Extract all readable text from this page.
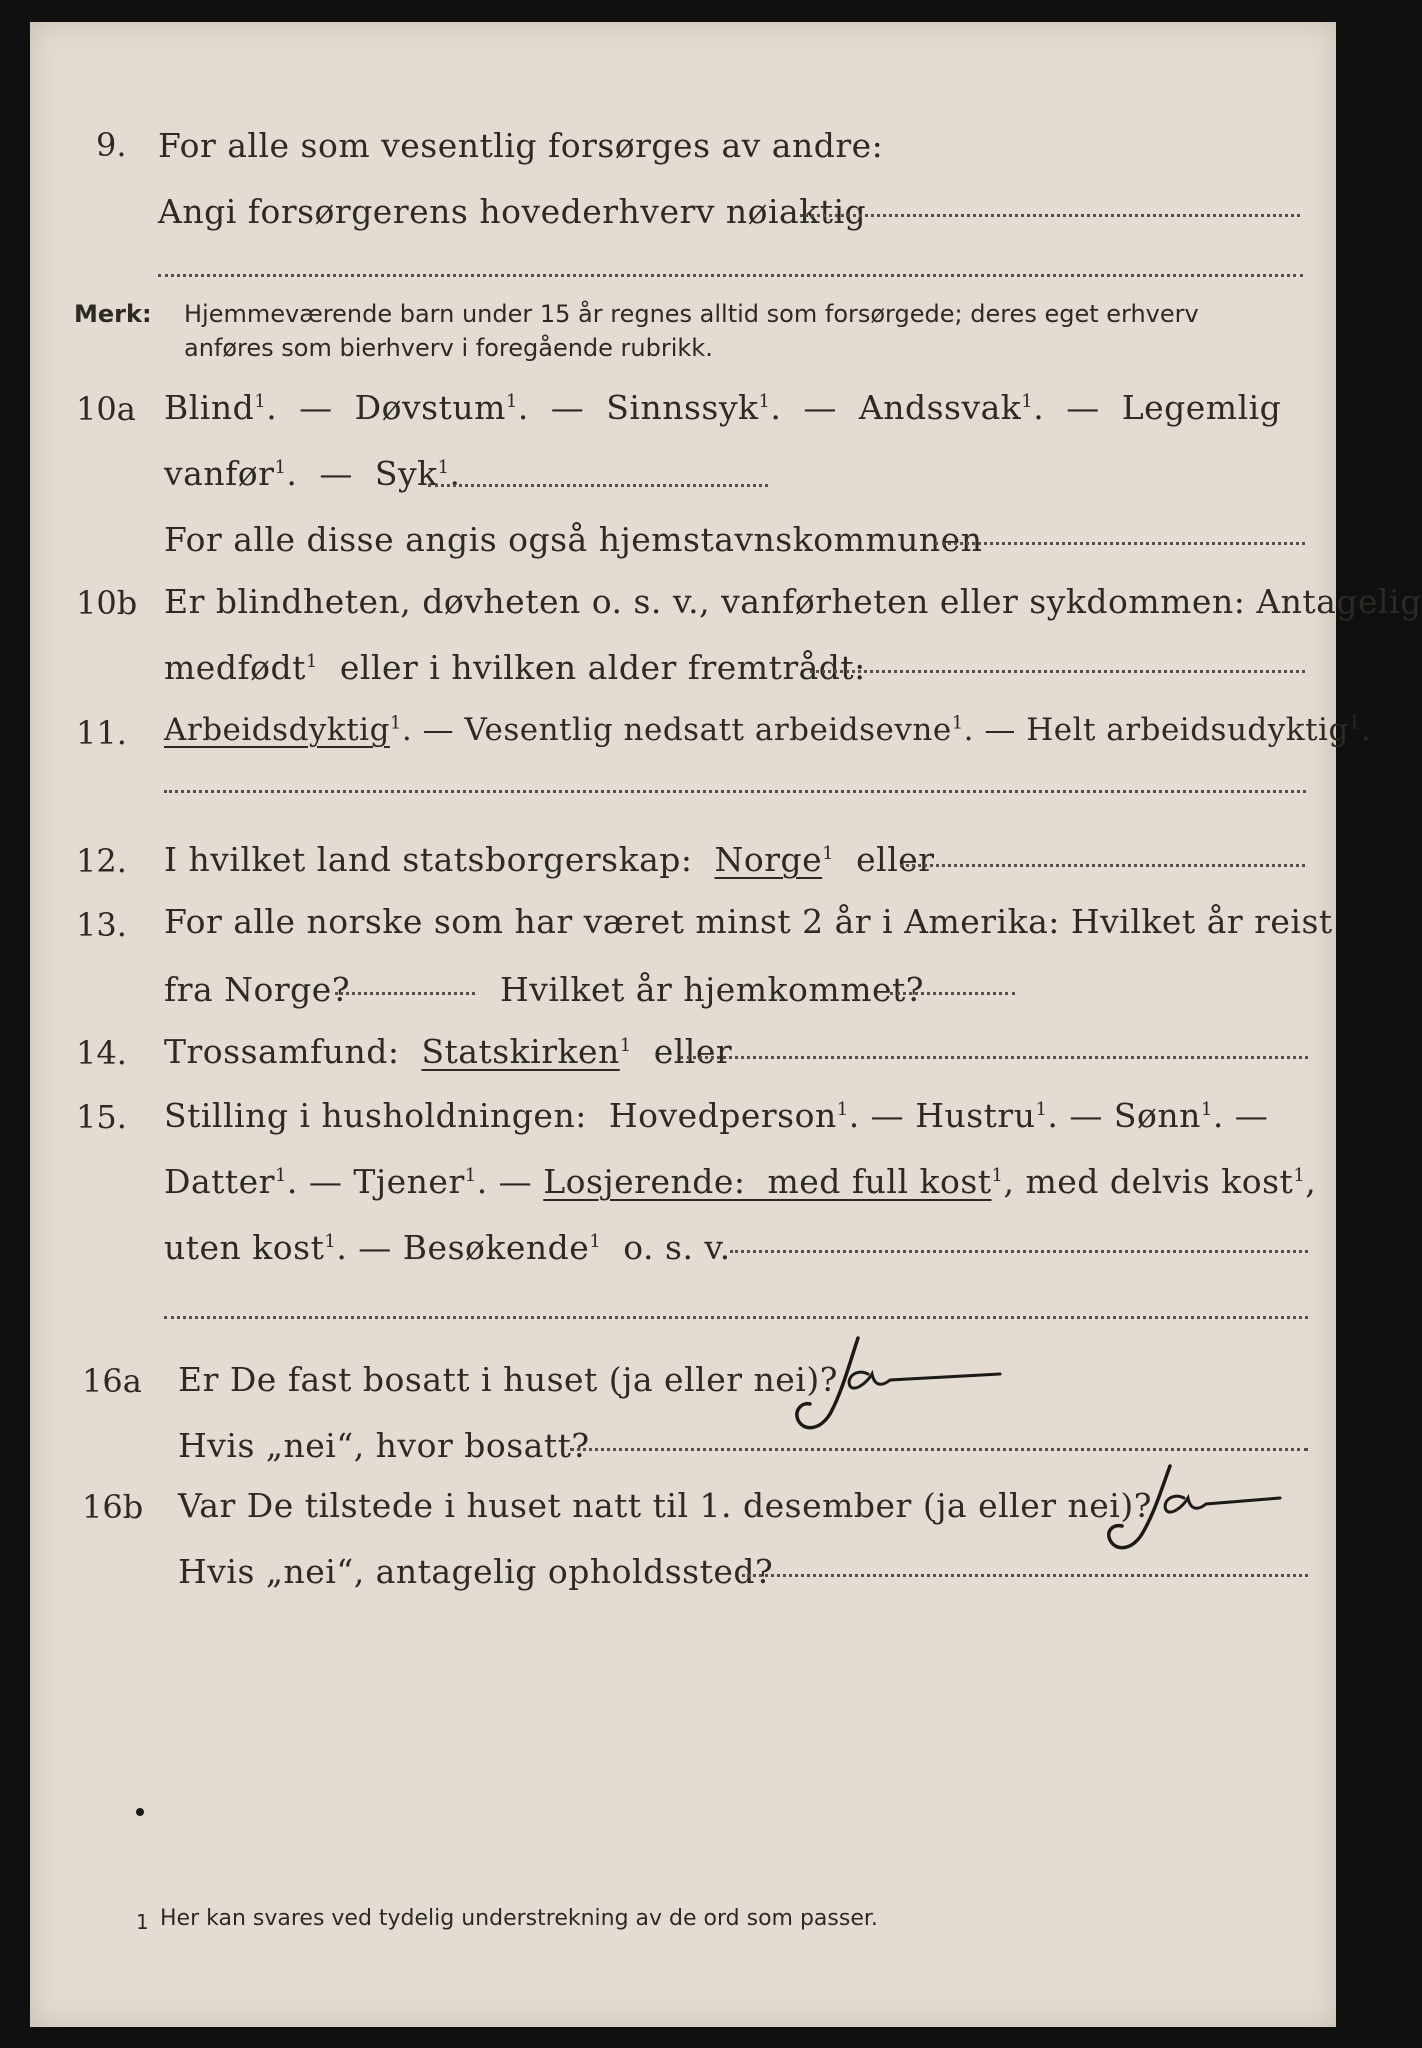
9. For alle som vesentlig forsørges av andre:
Angi forsørgerens hovederhverv nøiaktig
Merk: Hjemmeværende barn under 15 år regnes alltid som forsørgede; deres eget erhverv
anføres som bierhverv i foregående rubrikk.
10a Blind$^1$.  —  Døvstum$^1$.  —  Sinnssyk$^1$.  —  Andssvak$^1$.  —  Legemlig
vanfør$^1$.  —  Syk$^1$.
For alle disse angis også hjemstavnskommunen
10b Er blindheten, døvheten o. s. v., vanførheten eller sykdommen: Antagelig
medfødt$^1$ eller i hvilken alder fremtrådt:
11. Arbeidsdyktig$^1$. — Vesentlig nedsatt arbeidsevne$^1$. — Helt arbeidsudyktig$^1$.
12. I hvilket land statsborgerskap: Norge$^1$ eller
13. For alle norske som har været minst 2 år i Amerika: Hvilket år reist
fra Norge?	Hvilket år hjemkommet?
14. Trossamfund: Statskirken$^1$ eller
15. Stilling i husholdningen: Hovedperson$^1$. — Hustru$^1$. — Sønn$^1$. —
Datter$^1$. — Tjener$^1$. — Losjerende: med full kost$^1$, med delvis kost$^1$,
uten kost$^1$. — Besøkende$^1$ o. s. v.
16a Er De fast bosatt i huset (ja eller nei)?
Hvis „nei“, hvor bosatt?
16b Var De tilstede i huset natt til 1. desember (ja eller nei)?
Hvis „nei“, antagelig opholdssted?
1 Her kan svares ved tydelig understrekning av de ord som passer.
